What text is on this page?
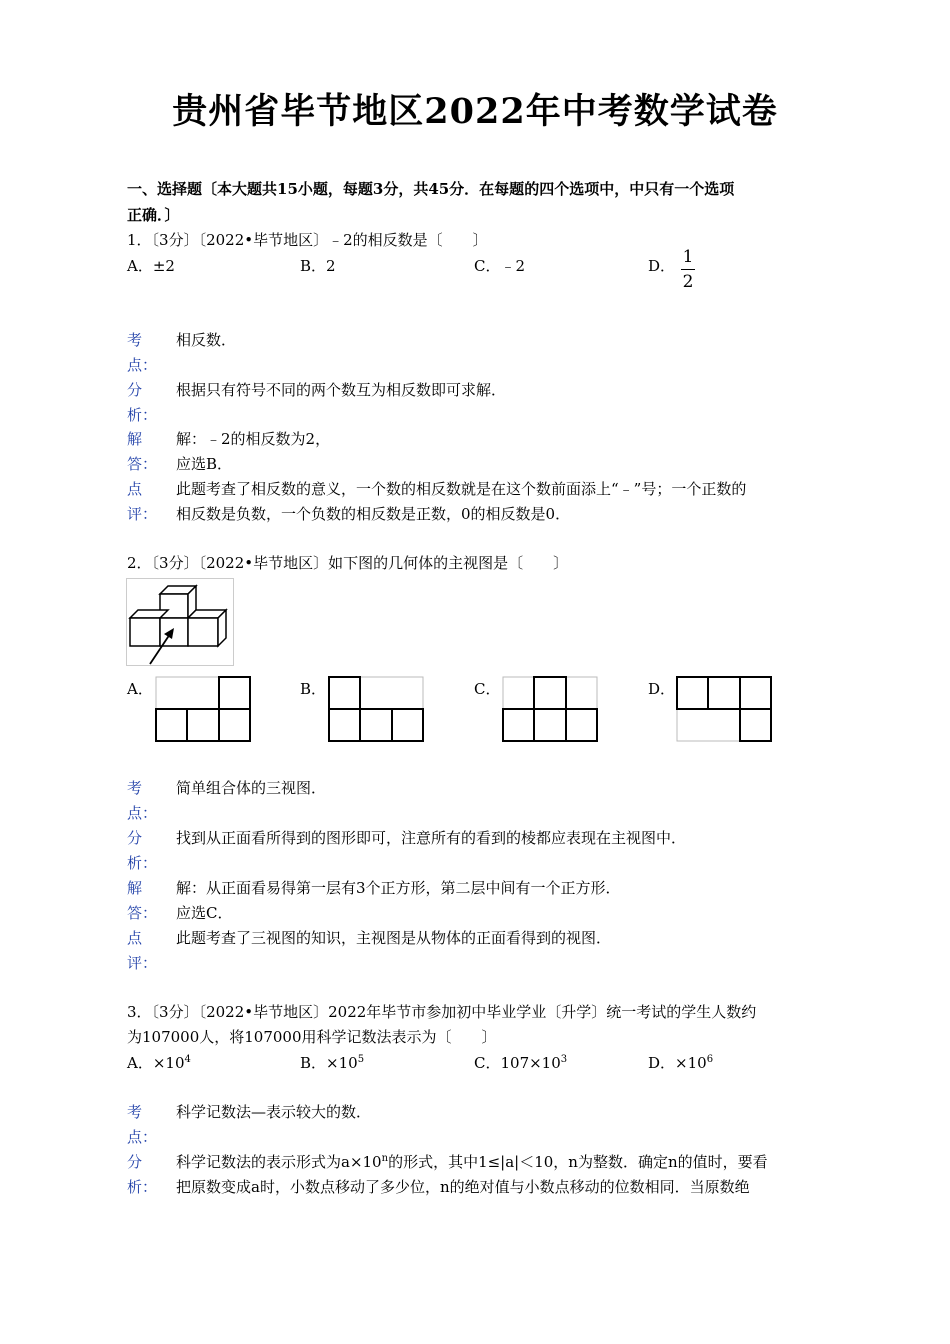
贵州省毕节地区2022年中考数学试卷
一、选择题〔本大题共15小题，每题3分，共45分．在每题的四个选项中，中只有一个选项
正确．〕
1．〔3分〕〔2022•毕节地区〕﹣2的相反数是〔　　〕
A．±2	B．2	C．﹣2	D． 1
2
考
点：
相反数．
分
析：
根据只有符号不同的两个数互为相反数即可求解．
解
答：
解：﹣2的相反数为2，
应选B．
点
评：
此题考查了相反数的意义，一个数的相反数就是在这个数前面添上“﹣”号；一个正数的
相反数是负数，一个负数的相反数是正数，0的相反数是0．
2．〔3分〕〔2022•毕节地区〕如下图的几何体的主视图是〔　　〕
A．	B．	C．	D．
考
点：
简单组合体的三视图．
分
析：
找到从正面看所得到的图形即可，注意所有的看到的棱都应表现在主视图中．
解
答：
解：从正面看易得第一层有3个正方形，第二层中间有一个正方形．
应选C．
点
评：
此题考查了三视图的知识，主视图是从物体的正面看得到的视图．
3．〔3分〕〔2022•毕节地区〕2022年毕节市参加初中毕业学业〔升学〕统一考试的学生人数约
为107000人，将107000用科学记数法表示为〔　　〕
A．$\times 10^4$	B．$\times 10^5$	C．$107\times 10^3$	D．$\times 10^6$
考
点：
科学记数法—表示较大的数．
分
析：
科学记数法的表示形式为$a\times 10^n$的形式，其中1≤|a|＜10，n为整数．确定n的值时，要看
把原数变成a时，小数点移动了多少位，n的绝对值与小数点移动的位数相同．当原数绝
